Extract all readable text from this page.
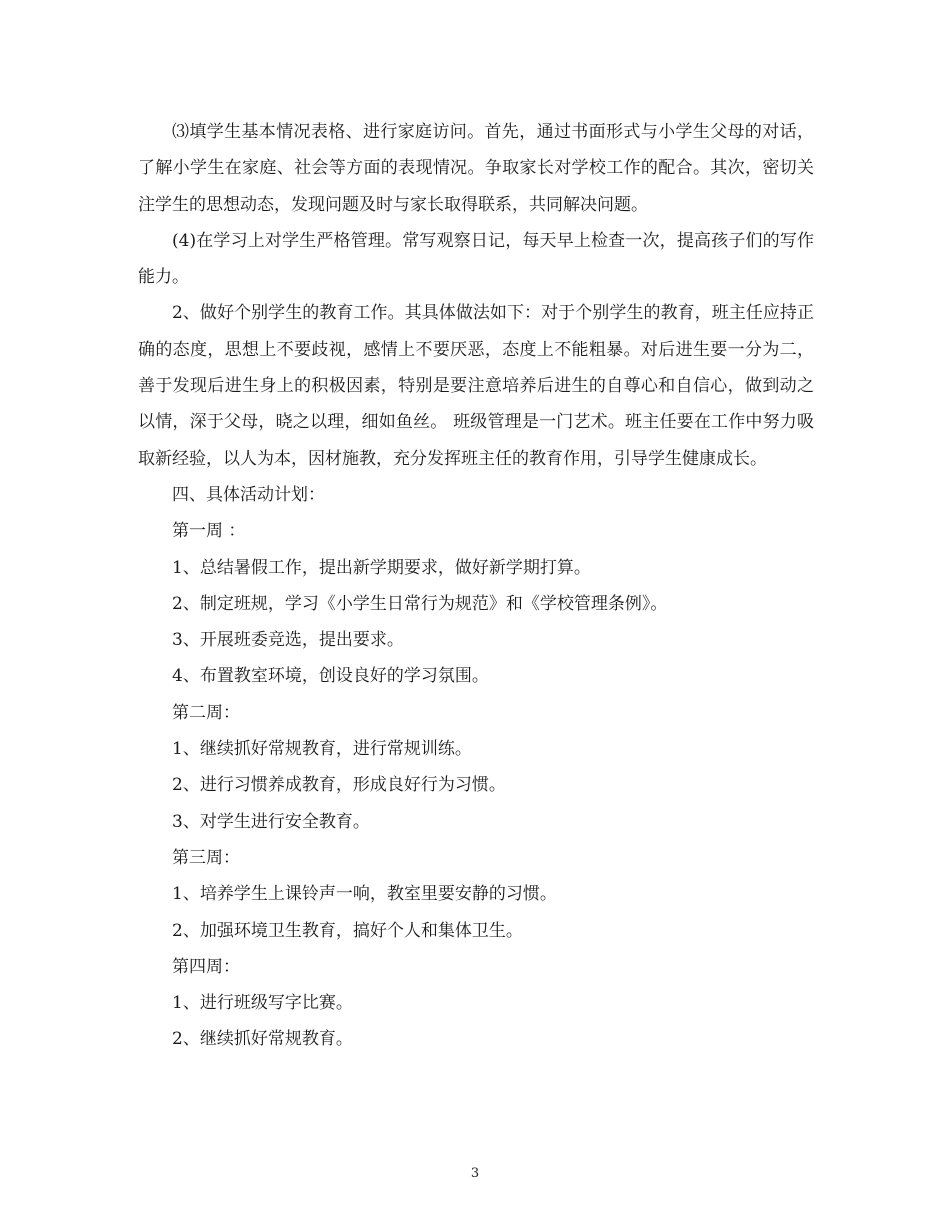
⑶填学生基本情况表格、进行家庭访问。首先，通过书面形式与小学生父母的对话，了解小学生在家庭、社会等方面的表现情况。争取家长对学校工作的配合。其次，密切关注学生的思想动态，发现问题及时与家长取得联系，共同解决问题。

(4)在学习上对学生严格管理。常写观察日记，每天早上检查一次，提高孩子们的写作能力。

2、做好个别学生的教育工作。其具体做法如下：对于个别学生的教育，班主任应持正确的态度，思想上不要歧视，感情上不要厌恶，态度上不能粗暴。对后进生要一分为二，善于发现后进生身上的积极因素，特别是要注意培养后进生的自尊心和自信心，做到动之以情，深于父母，晓之以理，细如鱼丝。 班级管理是一门艺术。班主任要在工作中努力吸取新经验，以人为本，因材施教，充分发挥班主任的教育作用，引导学生健康成长。

四、具体活动计划：

第一周 ：

1、总结暑假工作，提出新学期要求，做好新学期打算。

2、制定班规，学习《小学生日常行为规范》和《学校管理条例》。

3、开展班委竞选，提出要求。

4、布置教室环境，创设良好的学习氛围。

第二周：

1、继续抓好常规教育，进行常规训练。

2、进行习惯养成教育，形成良好行为习惯。

3、对学生进行安全教育。

第三周：

1、培养学生上课铃声一响，教室里要安静的习惯。

2、加强环境卫生教育，搞好个人和集体卫生。

第四周：

1、进行班级写字比赛。

2、继续抓好常规教育。

3
